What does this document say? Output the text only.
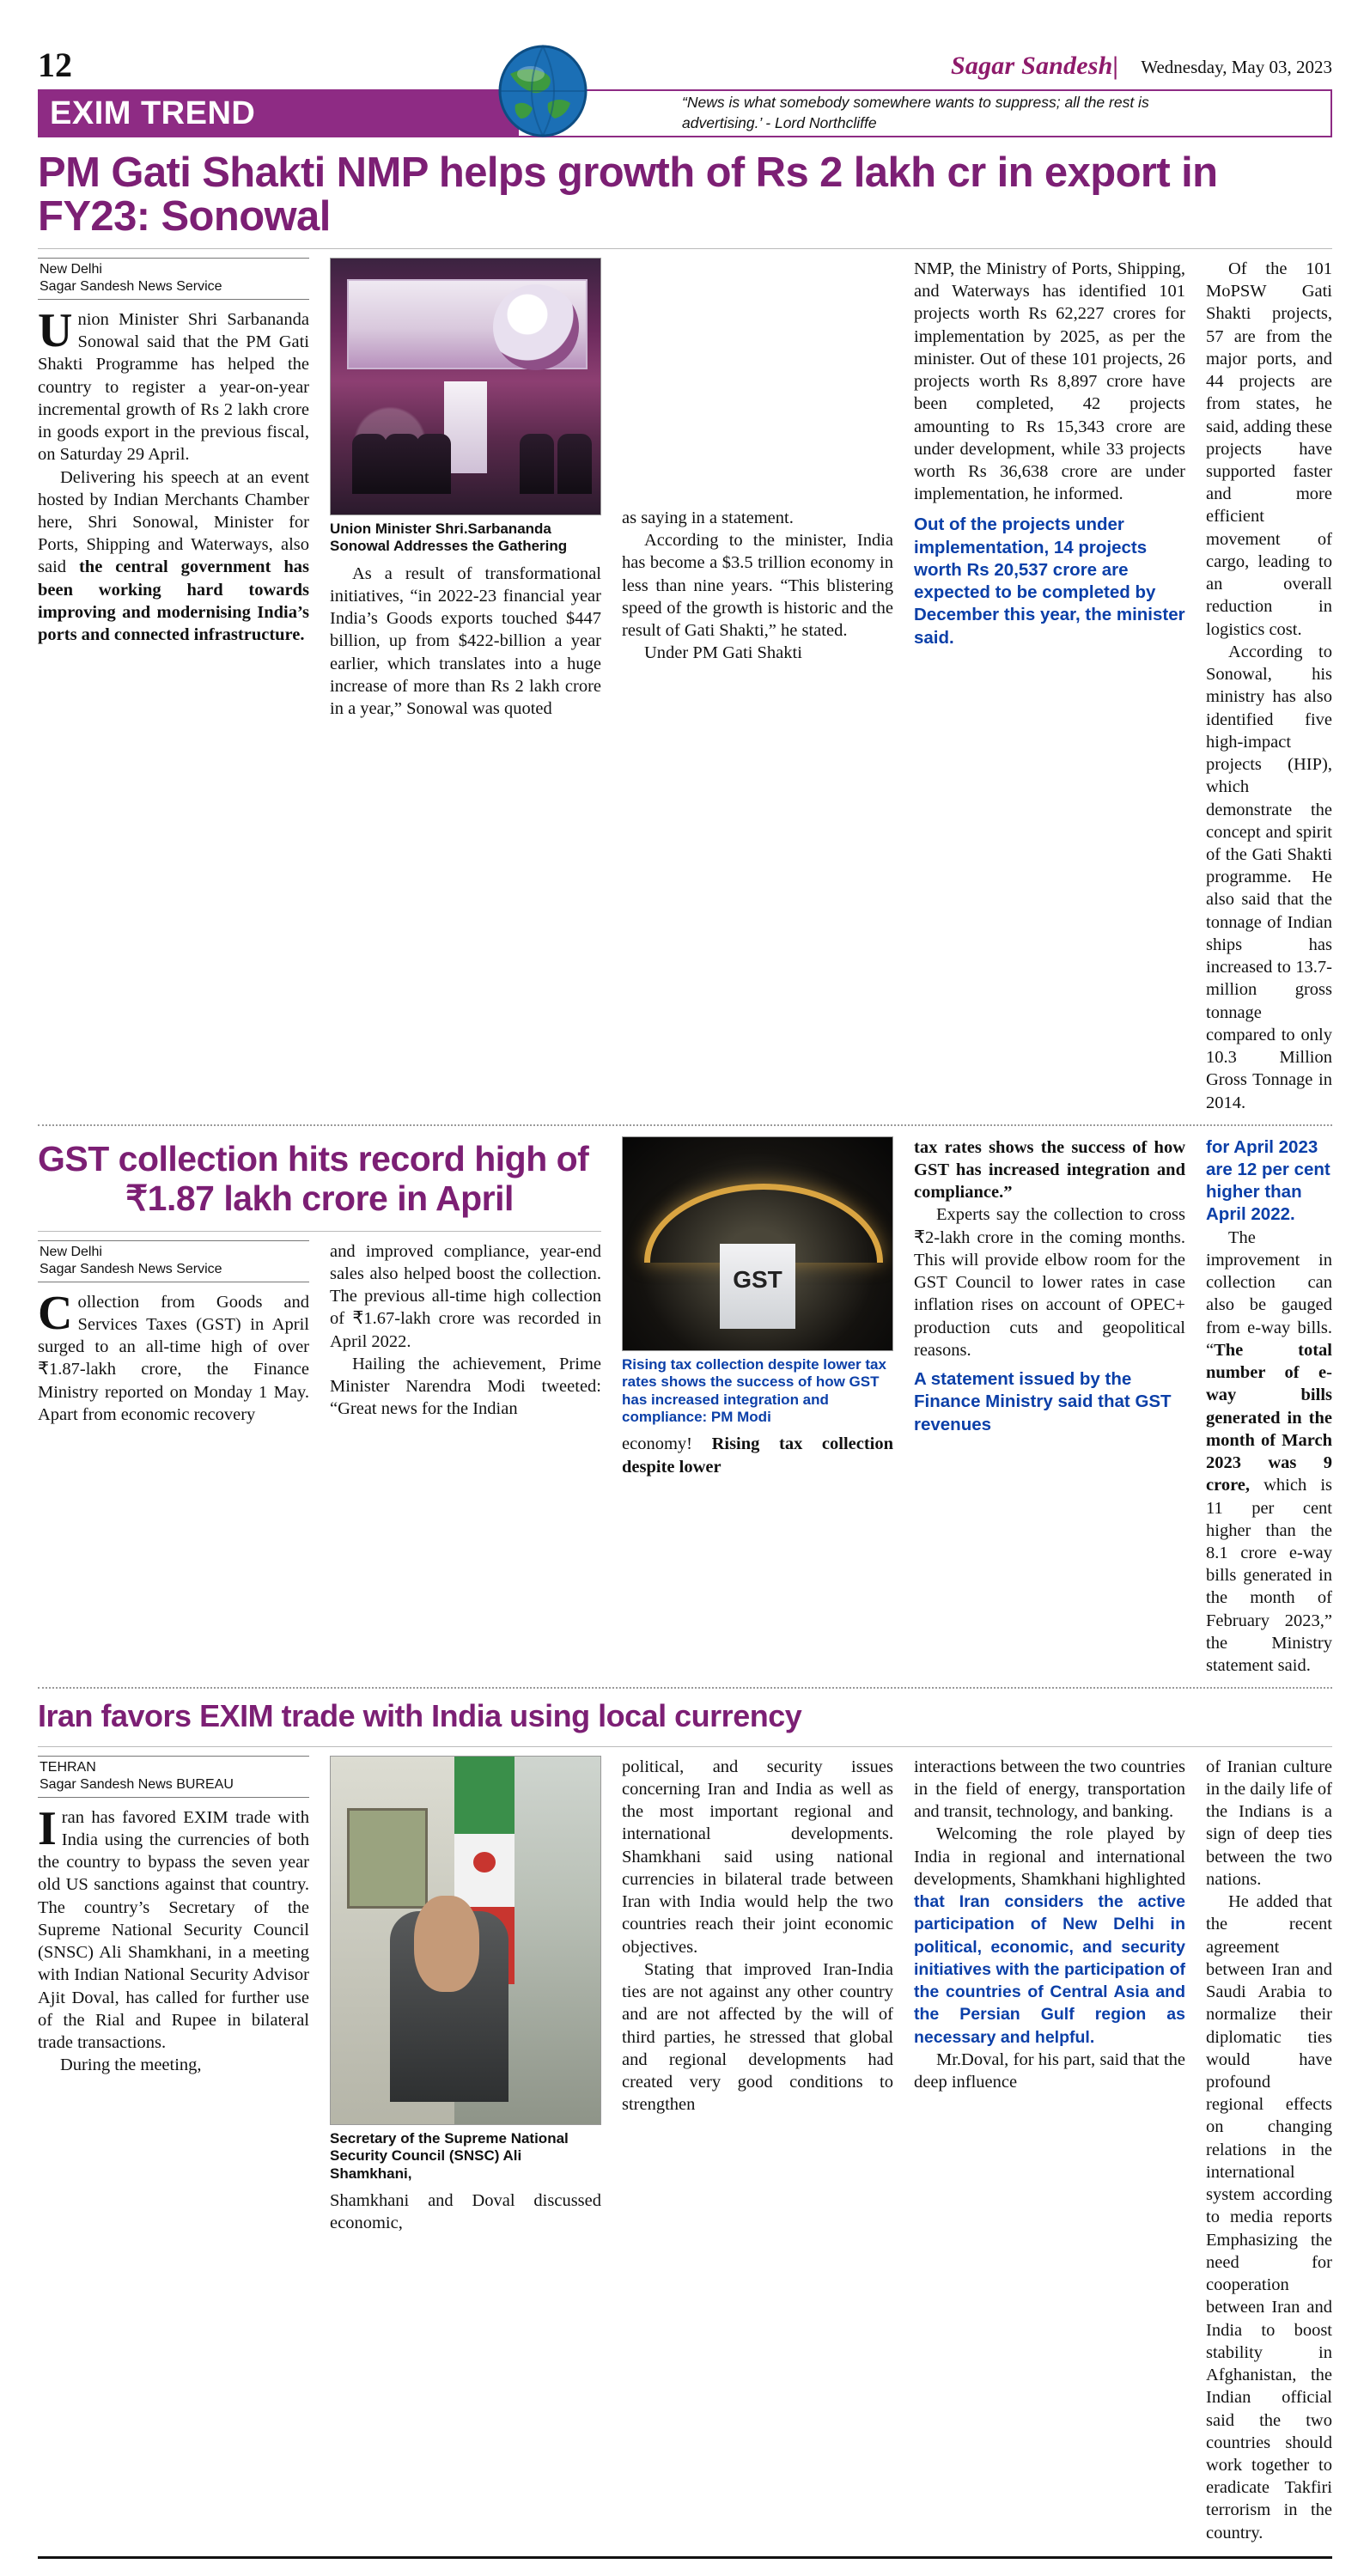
12	Sagar Sandesh| Wednesday, May 03, 2023
EXIM TREND	“News is what somebody somewhere wants to suppress; all the rest is advertising.’ - Lord Northcliffe
PM Gati Shakti NMP helps growth of Rs 2 lakh cr in export in FY23: Sonowal
New Delhi
Sagar Sandesh News Service

Union Minister Shri Sarbananda Sonowal said that the PM Gati Shakti Programme has helped the country to register a year-on-year incremental growth of Rs 2 lakh crore in goods export in the previous fiscal, on Saturday 29 April.

Delivering his speech at an event hosted by Indian Merchants Chamber here, Shri Sonowal, Minister for Ports, Shipping and Waterways, also said the central government has been working hard towards improving and modernising India’s ports and connected infrastructure.

Union Minister Shri.Sarbananda Sonowal Addresses the Gathering

As a result of transformational initiatives, “in 2022-23 financial year India’s Goods exports touched $447 billion, up from $422-billion a year earlier, which translates into a huge increase of more than Rs 2 lakh crore in a year,” Sonowal was quoted

as saying in a statement.

According to the minister, India has become a $3.5 trillion economy in less than nine years. “This blistering speed of the growth is historic and the result of Gati Shakti,” he stated.

Under PM Gati Shakti

NMP, the Ministry of Ports, Shipping, and Waterways has identified 101 projects worth Rs 62,227 crores for implementation by 2025, as per the minister. Out of these 101 projects, 26 projects worth Rs 8,897 crore have been completed, 42 projects amounting to Rs 15,343 crore are under development, while 33 projects worth Rs 36,638 crore are under implementation, he informed.

Out of the projects under implementation, 14 projects worth Rs 20,537 crore are expected to be completed by December this year, the minister said.

Of the 101 MoPSW Gati Shakti projects, 57 are from the major ports, and 44 projects are from states, he said, adding these projects have supported faster and more efficient movement of cargo, leading to an overall reduction in logistics cost.

According to Sonowal, his ministry has also identified five high-impact projects (HIP), which demonstrate the concept and spirit of the Gati Shakti programme. He also said that the tonnage of Indian ships has increased to 13.7-million gross tonnage compared to only 10.3 Million Gross Tonnage in 2014.

GST collection hits record high of
₹1.87 lakh crore in April
New Delhi
Sagar Sandesh News Service

Collection from Goods and Services Taxes (GST) in April surged to an all-time high of over ₹1.87-lakh crore, the Finance Ministry reported on Monday 1 May. Apart from economic recovery

and improved compliance, year-end sales also helped boost the collection. The previous all-time high collection of ₹1.67-lakh crore was recorded in April 2022.

Hailing the achievement, Prime Minister Narendra Modi tweeted: “Great news for the Indian

GST
Rising tax collection despite lower tax rates shows the success of how GST has increased integration and compliance: PM Modi

economy! Rising tax collection despite lower

tax rates shows the success of how GST has increased integration and compliance.”

Experts say the collection to cross ₹2-lakh crore in the coming months. This will provide elbow room for the GST Council to lower rates in case inflation rises on account of OPEC+ production cuts and geopolitical reasons.

A statement issued by the Finance Ministry said that GST revenues

for April 2023 are 12 per cent higher than April 2022.

The improvement in collection can also be gauged from e-way bills. “The total number of e-way bills generated in the month of March 2023 was 9 crore, which is 11 per cent higher than the 8.1 crore e-way bills generated in the month of February 2023,” the Ministry statement said.

Iran favors EXIM trade with India using local currency
TEHRAN
Sagar Sandesh News BUREAU

Iran has favored EXIM trade with India using the currencies of both the country to bypass the seven year old US sanctions against that country. The country’s Secretary of the Supreme National Security Council (SNSC) Ali Shamkhani, in a meeting with Indian National Security Advisor Ajit Doval, has called for further use of the Rial and Rupee in bilateral trade transactions.

During the meeting,

Secretary of the Supreme National Security Council (SNSC) Ali Shamkhani,

Shamkhani and Doval discussed economic,

political, and security issues concerning Iran and India as well as the most important regional and international developments. Shamkhani said using national currencies in bilateral trade between Iran with India would help the two countries reach their joint economic objectives.

Stating that improved Iran-India ties are not against any other country and are not affected by the will of third parties, he stressed that global and regional developments had created very good conditions to strengthen

interactions between the two countries in the field of energy, transportation and transit, technology, and banking.

Welcoming the role played by India in regional and international developments, Shamkhani highlighted that Iran considers the active participation of New Delhi in political, economic, and security initiatives with the participation of the countries of Central Asia and the Persian Gulf region as necessary and helpful.

Mr.Doval, for his part, said that the deep influence

of Iranian culture in the daily life of the Indians is a sign of deep ties between the two nations.

He added that the recent agreement between Iran and Saudi Arabia to normalize their diplomatic ties would have profound regional effects on changing relations in the international system according to media reports Emphasizing the need for cooperation between Iran and India to boost stability in Afghanistan, the Indian official said the two countries should work together to eradicate Takfiri terrorism in the country.
